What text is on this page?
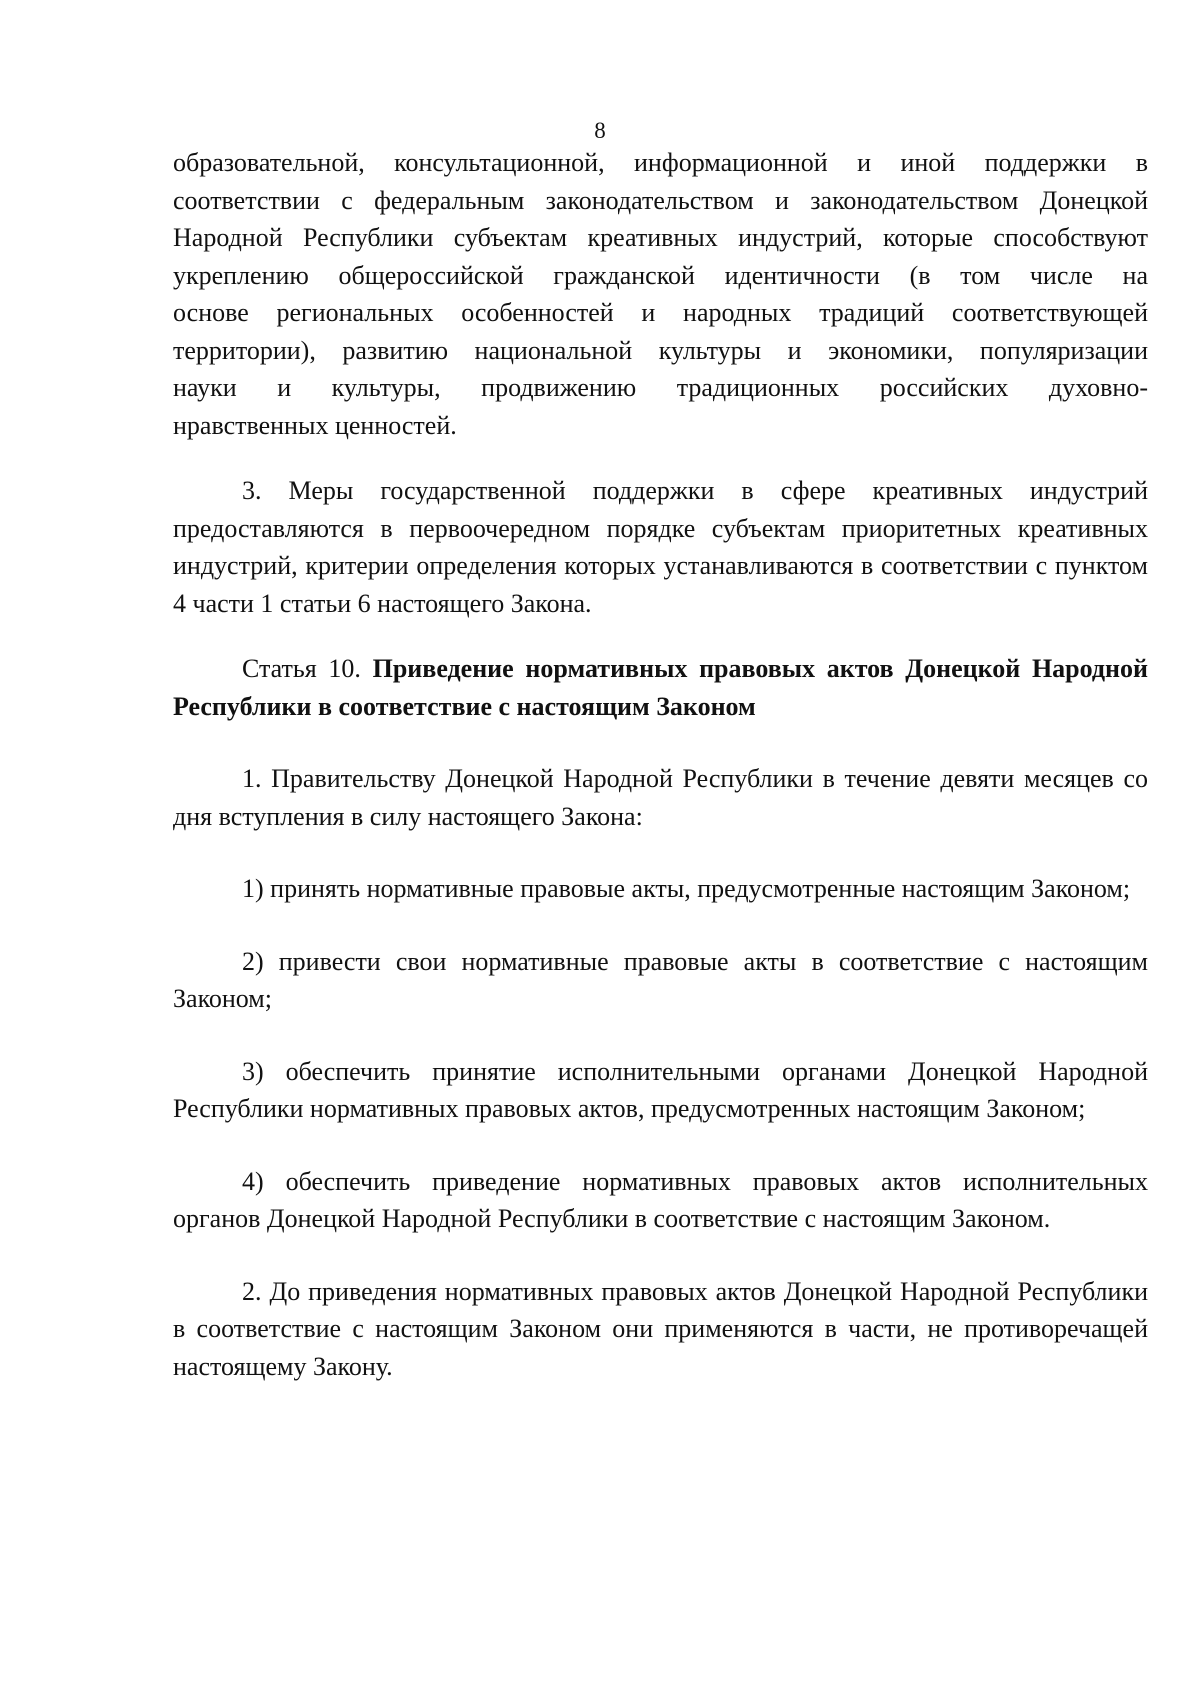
8
образовательной, консультационной, информационной и иной поддержки в
соответствии с федеральным законодательством и законодательством Донецкой
Народной Республики субъектам креативных индустрий, которые способствуют
укреплению общероссийской гражданской идентичности (в том числе на
основе региональных особенностей и народных традиций соответствующей
территории), развитию национальной культуры и экономики, популяризации
науки и культуры, продвижению традиционных российских духовно-
нравственных ценностей.

3. Меры государственной поддержки в сфере креативных индустрий предоставляются в первоочередном порядке субъектам приоритетных креативных индустрий, критерии определения которых устанавливаются в соответствии с пунктом 4 части 1 статьи 6 настоящего Закона.

Статья 10. Приведение нормативных правовых актов Донецкой Народной Республики в соответствие с настоящим Законом

1. Правительству Донецкой Народной Республики в течение девяти месяцев со дня вступления в силу настоящего Закона:

1) принять нормативные правовые акты, предусмотренные настоящим Законом;

2) привести свои нормативные правовые акты в соответствие с настоящим Законом;

3) обеспечить принятие исполнительными органами Донецкой Народной Республики нормативных правовых актов, предусмотренных настоящим Законом;

4) обеспечить приведение нормативных правовых актов исполнительных органов Донецкой Народной Республики в соответствие с настоящим Законом.

2. До приведения нормативных правовых актов Донецкой Народной Республики в соответствие с настоящим Законом они применяются в части, не противоречащей настоящему Закону.
